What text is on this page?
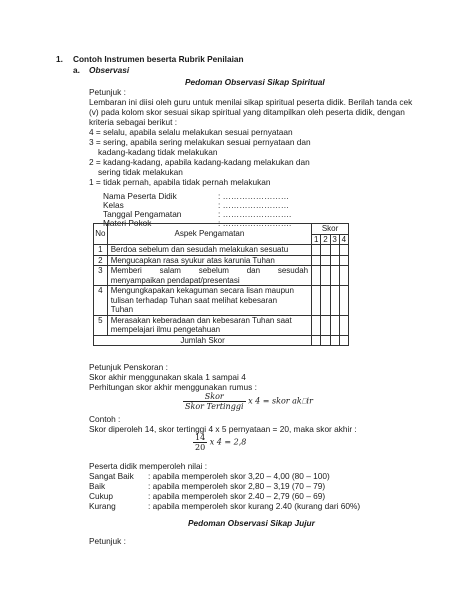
1. Contoh Instrumen beserta Rubrik Penilaian
a. Observasi
Pedoman Observasi Sikap Spiritual
Petunjuk :
Lembaran ini diisi oleh guru untuk menilai sikap spiritual peserta didik. Berilah tanda cek
(v) pada kolom skor sesuai sikap spiritual yang ditampilkan oleh peserta didik, dengan
kriteria sebagai berikut :
4 = selalu, apabila selalu melakukan sesuai pernyataan
3 = sering, apabila sering melakukan sesuai pernyataan dan
kadang-kadang tidak melakukan
2 = kadang-kadang, apabila kadang-kadang melakukan dan
sering tidak melakukan
1 = tidak pernah, apabila tidak pernah melakukan
Nama Peserta Didik	: ……………………
Kelas	: ……………………
Tanggal Pengamatan	: …………………….
Materi Pokok	: …………………….
No	Aspek Pengamatan	Skor			
		1	2	3	4
1	Berdoa sebelum dan sesudah melakukan sesuatu				

2	Mengucapkan rasa syukur atas karunia Tuhan				

3	Memberi        salam        sebelum        dan        sesudah
menyampaikan pendapat/presentasi				

4	Mengungkapakan kekaguman secara lisan maupun
tulisan terhadap Tuhan saat melihat kebesaran
Tuhan				

5	Merasakan keberadaan dan kebesaran Tuhan saat
mempelajari ilmu pengetahuan				

Jumlah Skor					
Petunjuk Penskoran :
Skor akhir menggunakan skala 1 sampai 4
Perhitungan skor akhir menggunakan rumus :
$\frac{\text{Skor}}{\text{Skor Tertinggi}}$ x 4 = skor ak⎕ir
Contoh :
Skor diperoleh 14, skor tertinggi 4 x 5 pernyataan = 20, maka skor akhir :
$\frac{14}{20}$ x 4 = 2,8
Peserta didik memperoleh nilai :
Sangat Baik : apabila memperoleh skor 3,20 – 4,00 (80 – 100)
Baik	: apabila memperoleh skor 2,80 – 3,19 (70 – 79)
Cukup	: apabila memperoleh skor 2.40 – 2,79 (60 – 69)
Kurang	: apabila memperoleh skor kurang 2.40 (kurang dari 60%)
Pedoman Observasi Sikap Jujur
Petunjuk :
